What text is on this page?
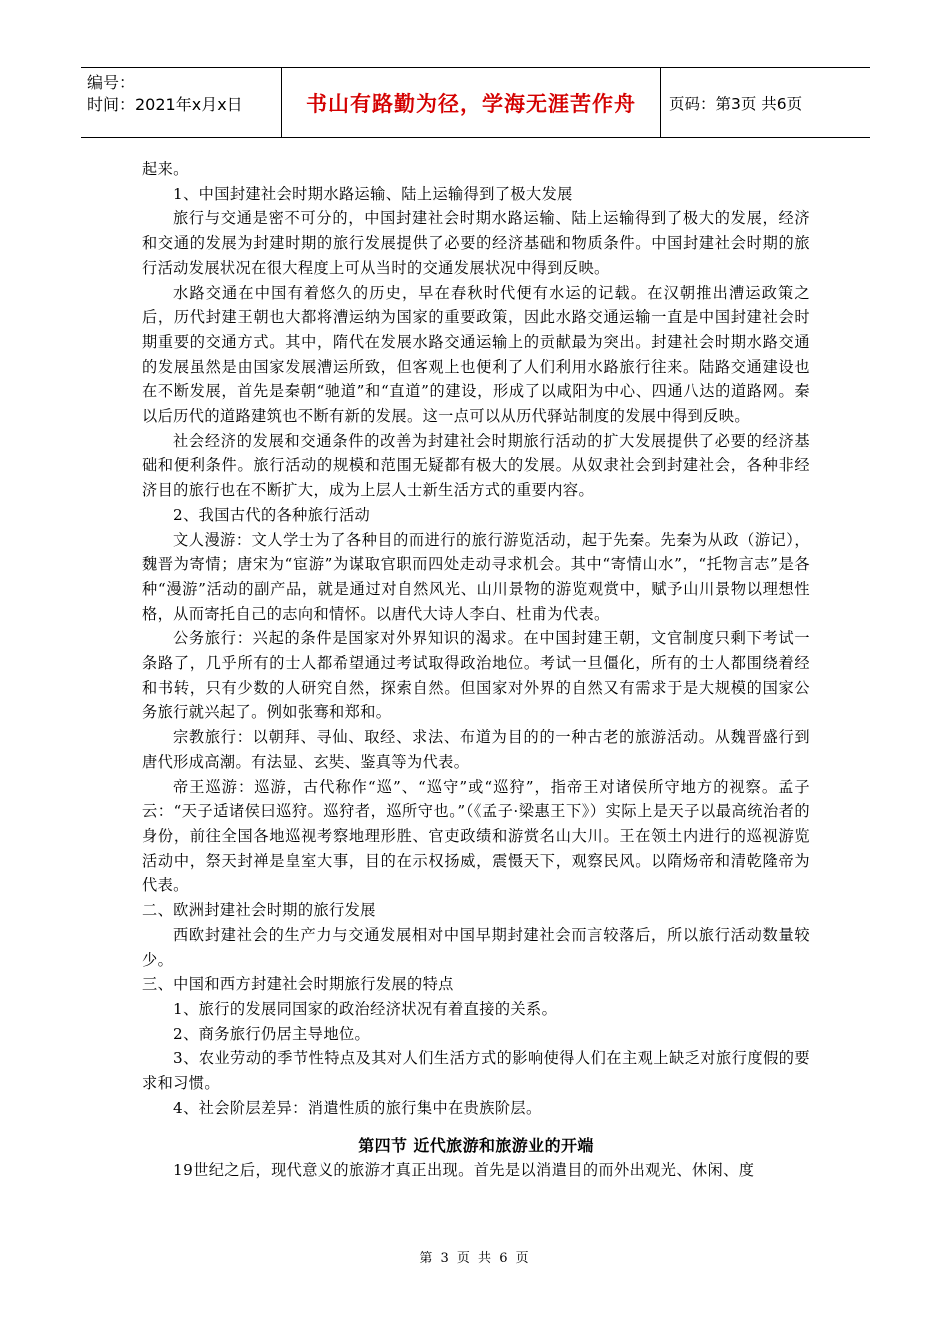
编号：
时间：2021年x月x日	书山有路勤为径，学海无涯苦作舟	页码：第3页 共6页

起来。

1、中国封建社会时期水路运输、陆上运输得到了极大发展

旅行与交通是密不可分的，中国封建社会时期水路运输、陆上运输得到了极大的发展，经济和交通的发展为封建时期的旅行发展提供了必要的经济基础和物质条件。中国封建社会时期的旅行活动发展状况在很大程度上可从当时的交通发展状况中得到反映。

水路交通在中国有着悠久的历史，早在春秋时代便有水运的记载。在汉朝推出漕运政策之后，历代封建王朝也大都将漕运纳为国家的重要政策，因此水路交通运输一直是中国封建社会时期重要的交通方式。其中，隋代在发展水路交通运输上的贡献最为突出。封建社会时期水路交通的发展虽然是由国家发展漕运所致，但客观上也便利了人们利用水路旅行往来。陆路交通建设也在不断发展，首先是秦朝“驰道”和“直道”的建设，形成了以咸阳为中心、四通八达的道路网。秦以后历代的道路建筑也不断有新的发展。这一点可以从历代驿站制度的发展中得到反映。

社会经济的发展和交通条件的改善为封建社会时期旅行活动的扩大发展提供了必要的经济基础和便利条件。旅行活动的规模和范围无疑都有极大的发展。从奴隶社会到封建社会，各种非经济目的旅行也在不断扩大，成为上层人士新生活方式的重要内容。

2、我国古代的各种旅行活动

文人漫游：文人学士为了各种目的而进行的旅行游览活动，起于先秦。先秦为从政（游记），魏晋为寄情；唐宋为“宦游”为谋取官职而四处走动寻求机会。其中“寄情山水”，“托物言志”是各种“漫游”活动的副产品，就是通过对自然风光、山川景物的游览观赏中，赋予山川景物以理想性格，从而寄托自己的志向和情怀。以唐代大诗人李白、杜甫为代表。

公务旅行：兴起的条件是国家对外界知识的渴求。在中国封建王朝，文官制度只剩下考试一条路了，几乎所有的士人都希望通过考试取得政治地位。考试一旦僵化，所有的士人都围绕着经和书转，只有少数的人研究自然，探索自然。但国家对外界的自然又有需求于是大规模的国家公务旅行就兴起了。例如张骞和郑和。

宗教旅行：以朝拜、寻仙、取经、求法、布道为目的的一种古老的旅游活动。从魏晋盛行到唐代形成高潮。有法显、玄奘、鉴真等为代表。

帝王巡游：巡游，古代称作“巡”、“巡守”或“巡狩”，指帝王对诸侯所守地方的视察。孟子云：“天子适诸侯曰巡狩。巡狩者，巡所守也。”（《孟子·梁惠王下》）实际上是天子以最高统治者的身份，前往全国各地巡视考察地理形胜、官吏政绩和游赏名山大川。王在领土内进行的巡视游览活动中，祭天封禅是皇室大事，目的在示权扬威，震慑天下，观察民风。以隋炀帝和清乾隆帝为代表。

二、欧洲封建社会时期的旅行发展

西欧封建社会的生产力与交通发展相对中国早期封建社会而言较落后，所以旅行活动数量较少。

三、中国和西方封建社会时期旅行发展的特点

1、旅行的发展同国家的政治经济状况有着直接的关系。

2、商务旅行仍居主导地位。

3、农业劳动的季节性特点及其对人们生活方式的影响使得人们在主观上缺乏对旅行度假的要求和习惯。

4、社会阶层差异：消遣性质的旅行集中在贵族阶层。

第四节 近代旅游和旅游业的开端

19世纪之后，现代意义的旅游才真正出现。首先是以消遣目的而外出观光、休闲、度

第 3 页 共 6 页
